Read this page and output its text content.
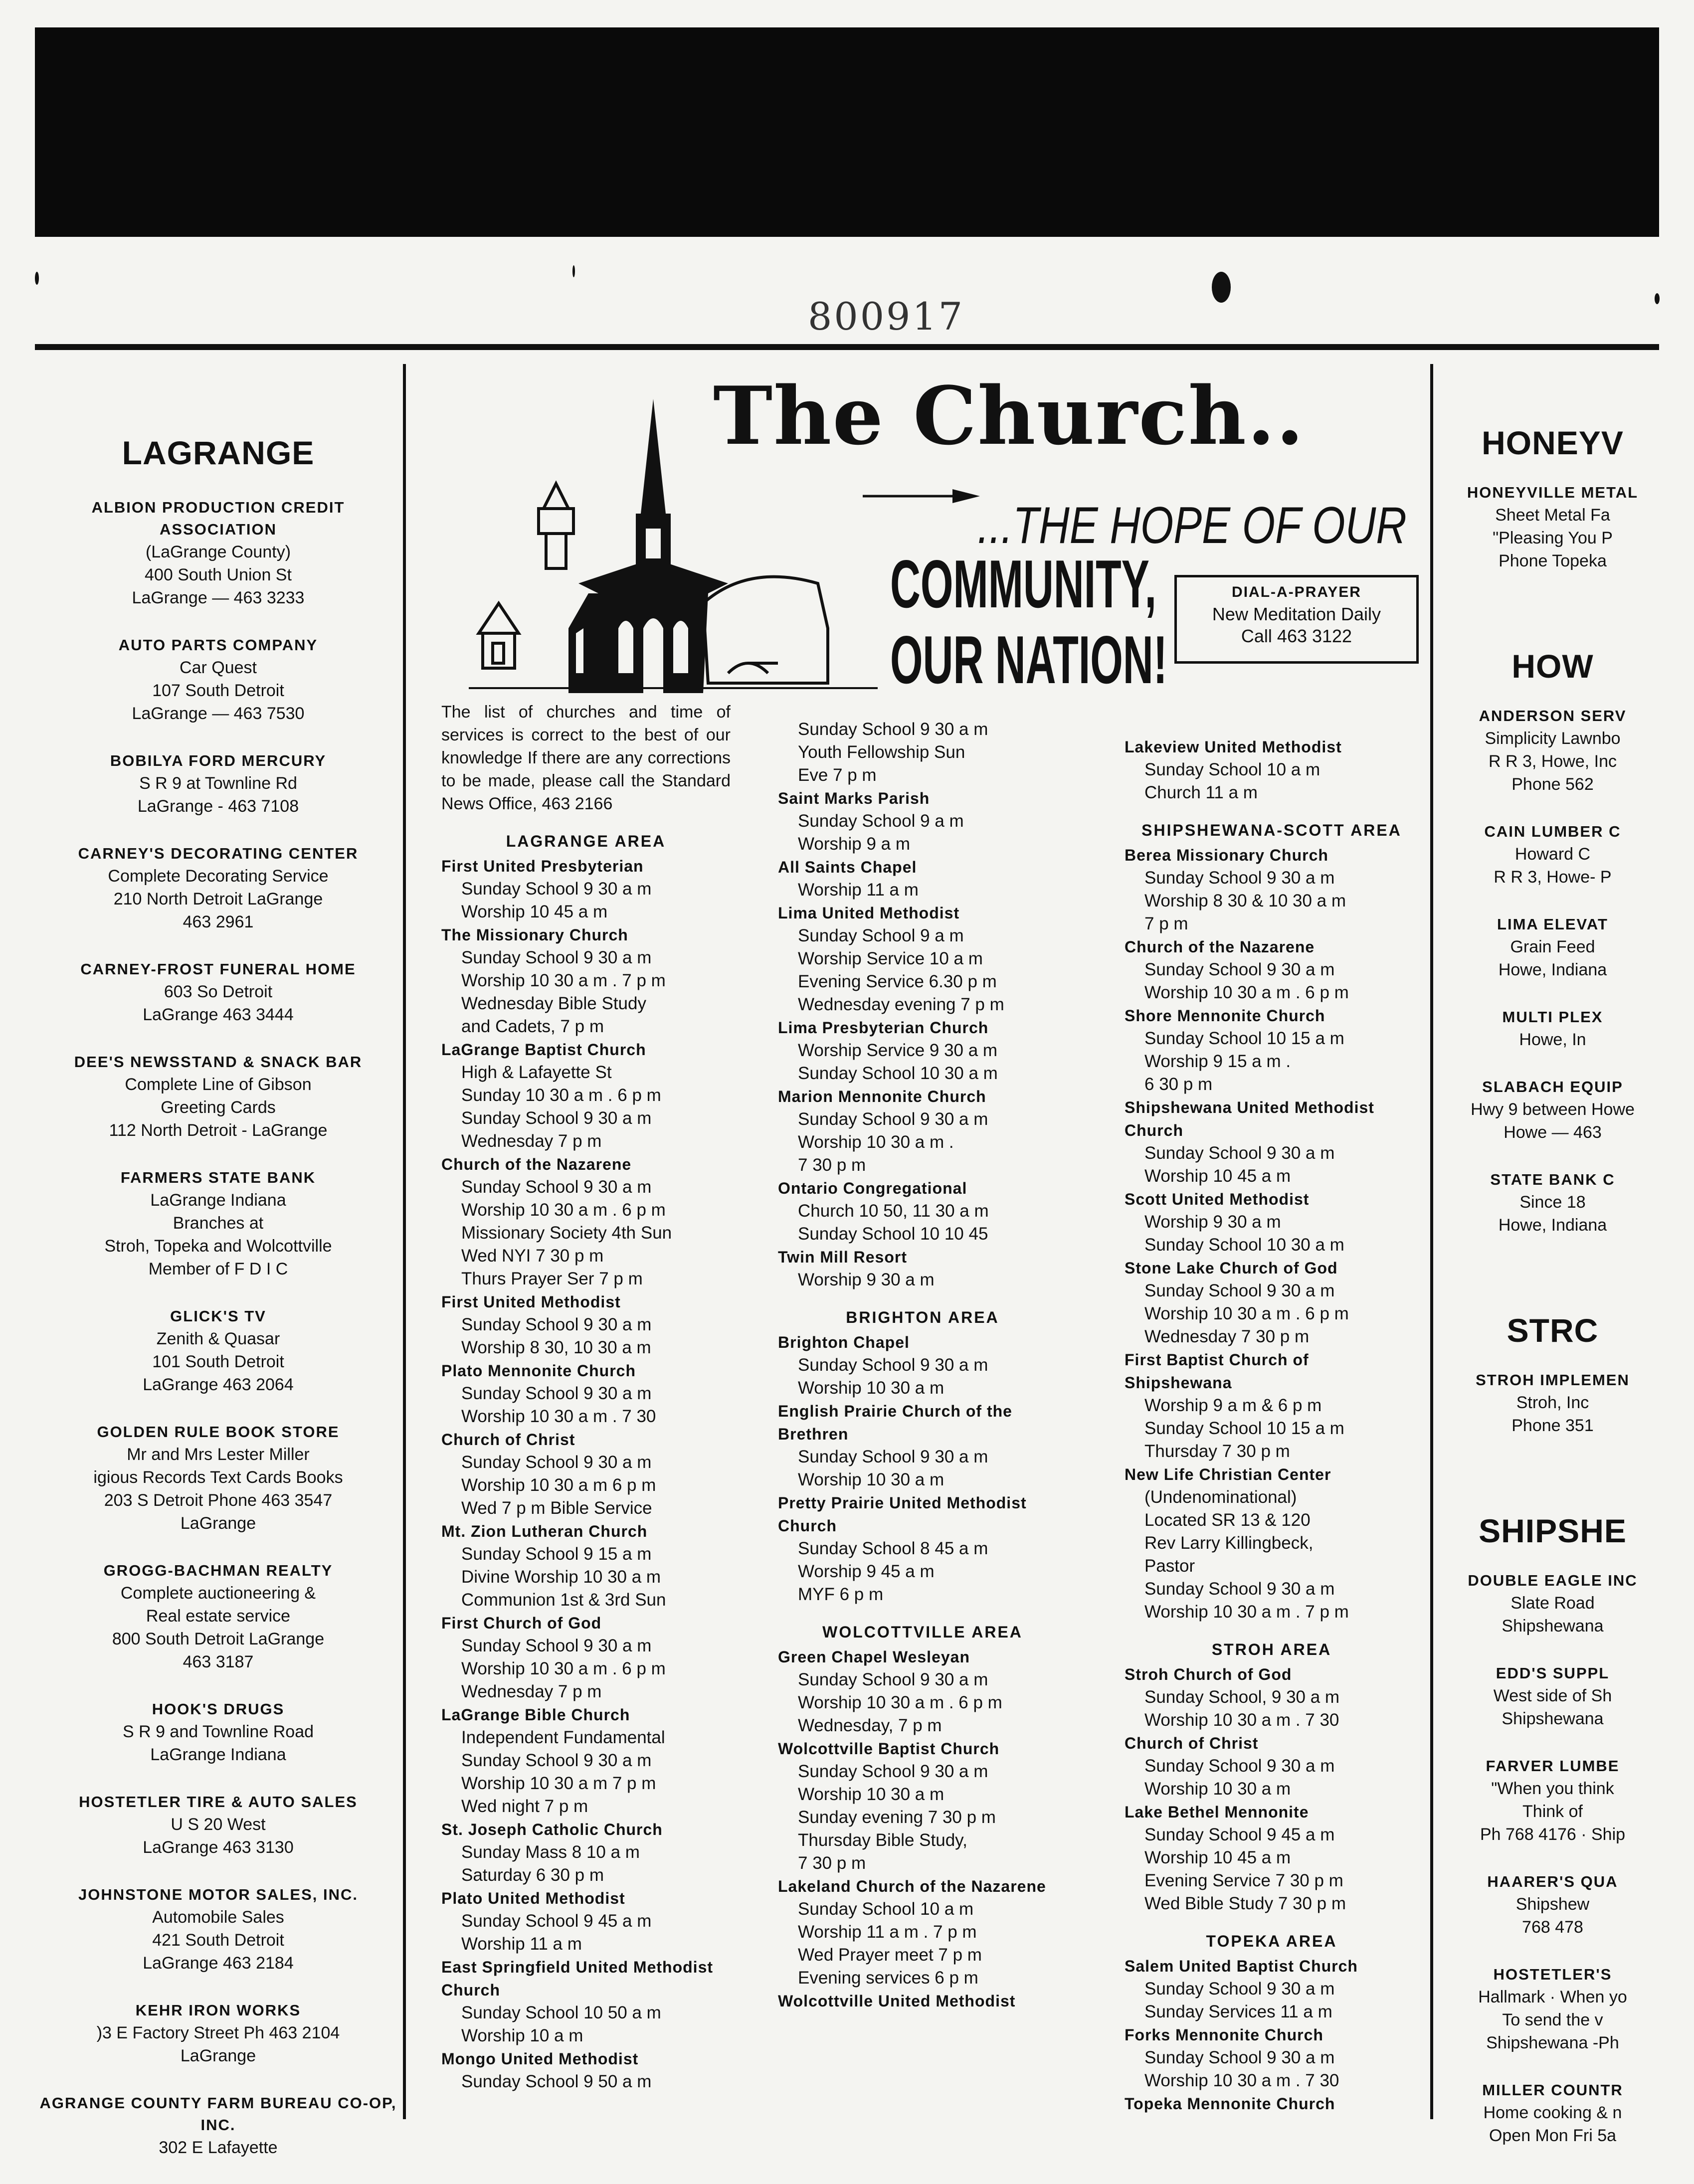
800917
LAGRANGE
ALBION PRODUCTION CREDIT ASSOCIATION
(LaGrange County)
400 South Union St
LaGrange — 463 3233
AUTO PARTS COMPANY
Car Quest
107 South Detroit
LaGrange — 463 7530
BOBILYA FORD MERCURY
S R 9 at Townline Rd
LaGrange - 463 7108
CARNEY'S DECORATING CENTER
Complete Decorating Service
210 North Detroit LaGrange
463 2961
CARNEY-FROST FUNERAL HOME
603 So Detroit
LaGrange 463 3444
DEE'S NEWSSTAND & SNACK BAR
Complete Line of Gibson
Greeting Cards
112 North Detroit - LaGrange
FARMERS STATE BANK
LaGrange Indiana
Branches at
Stroh, Topeka and Wolcottville
Member of F D I C
GLICK'S TV
Zenith & Quasar
101 South Detroit
LaGrange 463 2064
GOLDEN RULE BOOK STORE
Mr and Mrs Lester Miller
igious Records Text Cards Books
203 S Detroit Phone 463 3547
LaGrange
GROGG-BACHMAN REALTY
Complete auctioneering &
Real estate service
800 South Detroit LaGrange
463 3187
HOOK'S DRUGS
S R 9 and Townline Road
LaGrange Indiana
HOSTETLER TIRE & AUTO SALES
U S 20 West
LaGrange 463 3130
JOHNSTONE MOTOR SALES, INC.
Automobile Sales
421 South Detroit
LaGrange 463 2184
KEHR IRON WORKS
)3 E Factory Street Ph 463 2104
LaGrange
AGRANGE COUNTY FARM BUREAU CO-OP, INC.
302 E Lafayette
HONEYV
HONEYVILLE METAL
Sheet Metal Fa
"Pleasing You P
Phone Topeka
HOW
ANDERSON SERV
Simplicity Lawnbo
R R 3, Howe, Inc
Phone 562
CAIN LUMBER C
Howard C
R R 3, Howe- P
LIMA ELEVAT
Grain Feed
Howe, Indiana
MULTI PLEX
Howe, In
SLABACH EQUIP
Hwy 9 between Howe
Howe — 463
STATE BANK C
Since 18
Howe, Indiana
STRC
STROH IMPLEMEN
Stroh, Inc
Phone 351
SHIPSHE
DOUBLE EAGLE INC
Slate Road
Shipshewana
EDD'S SUPPL
West side of Sh
Shipshewana
FARVER LUMBE
"When you think
Think of
Ph 768 4176 · Ship
HAARER'S QUA
Shipshew
768 478
HOSTETLER'S
Hallmark · When yo
To send the v
Shipshewana -Ph
MILLER COUNTR
Home cooking & n
Open Mon Fri 5a
The Church..
...THE HOPE OF OUR
COMMUNITY,
OUR NATION!
DIAL-A-PRAYER
New Meditation Daily
Call 463 3122
The list of churches and time of services is correct to the best of our knowledge If there are any corrections to be made, please call the Standard News Office, 463 2166
LAGRANGE AREA
First United Presbyterian
Sunday School 9 30 a m
Worship 10 45 a m
The Missionary Church
Sunday School 9 30 a m
Worship 10 30 a m . 7 p m
Wednesday Bible Study
and Cadets, 7 p m
LaGrange Baptist Church
High & Lafayette St
Sunday 10 30 a m . 6 p m
Sunday School 9 30 a m
Wednesday 7 p m
Church of the Nazarene
Sunday School 9 30 a m
Worship 10 30 a m . 6 p m
Missionary Society 4th Sun
Wed NYI 7 30 p m
Thurs Prayer Ser 7 p m
First United Methodist
Sunday School 9 30 a m
Worship 8 30, 10 30 a m
Plato Mennonite Church
Sunday School 9 30 a m
Worship 10 30 a m . 7 30
Church of Christ
Sunday School 9 30 a m
Worship 10 30 a m 6 p m
Wed 7 p m Bible Service
Mt. Zion Lutheran Church
Sunday School 9 15 a m
Divine Worship 10 30 a m
Communion 1st & 3rd Sun
First Church of God
Sunday School 9 30 a m
Worship 10 30 a m . 6 p m
Wednesday 7 p m
LaGrange Bible Church
Independent Fundamental
Sunday School 9 30 a m
Worship 10 30 a m 7 p m
Wed night 7 p m
St. Joseph Catholic Church
Sunday Mass 8 10 a m
Saturday 6 30 p m
Plato United Methodist
Sunday School 9 45 a m
Worship 11 a m
East Springfield United Methodist Church
Sunday School 10 50 a m
Worship 10 a m
Mongo United Methodist
Sunday School 9 50 a m
Sunday School 9 30 a m
Youth Fellowship Sun
Eve 7 p m
Saint Marks Parish
Sunday School 9 a m
Worship 9 a m
All Saints Chapel
Worship 11 a m
Lima United Methodist
Sunday School 9 a m
Worship Service 10 a m
Evening Service 6.30 p m
Wednesday evening 7 p m
Lima Presbyterian Church
Worship Service 9 30 a m
Sunday School 10 30 a m
Marion Mennonite Church
Sunday School 9 30 a m
Worship 10 30 a m .
7 30 p m
Ontario Congregational
Church 10 50, 11 30 a m
Sunday School 10 10 45
Twin Mill Resort
Worship 9 30 a m
BRIGHTON AREA
Brighton Chapel
Sunday School 9 30 a m
Worship 10 30 a m
English Prairie Church of the Brethren
Sunday School 9 30 a m
Worship 10 30 a m
Pretty Prairie United Methodist Church
Sunday School 8 45 a m
Worship 9 45 a m
MYF 6 p m
WOLCOTTVILLE AREA
Green Chapel Wesleyan
Sunday School 9 30 a m
Worship 10 30 a m . 6 p m
Wednesday, 7 p m
Wolcottville Baptist Church
Sunday School 9 30 a m
Worship 10 30 a m
Sunday evening 7 30 p m
Thursday Bible Study,
7 30 p m
Lakeland Church of the Nazarene
Sunday School 10 a m
Worship 11 a m . 7 p m
Wed Prayer meet 7 p m
Evening services 6 p m
Wolcottville United Methodist
Lakeview United Methodist
Sunday School 10 a m
Church 11 a m
SHIPSHEWANA-SCOTT AREA
Berea Missionary Church
Sunday School 9 30 a m
Worship 8 30 & 10 30 a m
7 p m
Church of the Nazarene
Sunday School 9 30 a m
Worship 10 30 a m . 6 p m
Shore Mennonite Church
Sunday School 10 15 a m
Worship 9 15 a m .
6 30 p m
Shipshewana United Methodist Church
Sunday School 9 30 a m
Worship 10 45 a m
Scott United Methodist
Worship 9 30 a m
Sunday School 10 30 a m
Stone Lake Church of God
Sunday School 9 30 a m
Worship 10 30 a m . 6 p m
Wednesday 7 30 p m
First Baptist Church of Shipshewana
Worship 9 a m & 6 p m
Sunday School 10 15 a m
Thursday 7 30 p m
New Life Christian Center
(Undenominational)
Located SR 13 & 120
Rev Larry Killingbeck,
Pastor
Sunday School 9 30 a m
Worship 10 30 a m . 7 p m
STROH AREA
Stroh Church of God
Sunday School, 9 30 a m
Worship 10 30 a m . 7 30
Church of Christ
Sunday School 9 30 a m
Worship 10 30 a m
Lake Bethel Mennonite
Sunday School 9 45 a m
Worship 10 45 a m
Evening Service 7 30 p m
Wed Bible Study 7 30 p m
TOPEKA AREA
Salem United Baptist Church
Sunday School 9 30 a m
Sunday Services 11 a m
Forks Mennonite Church
Sunday School 9 30 a m
Worship 10 30 a m . 7 30
Topeka Mennonite Church
